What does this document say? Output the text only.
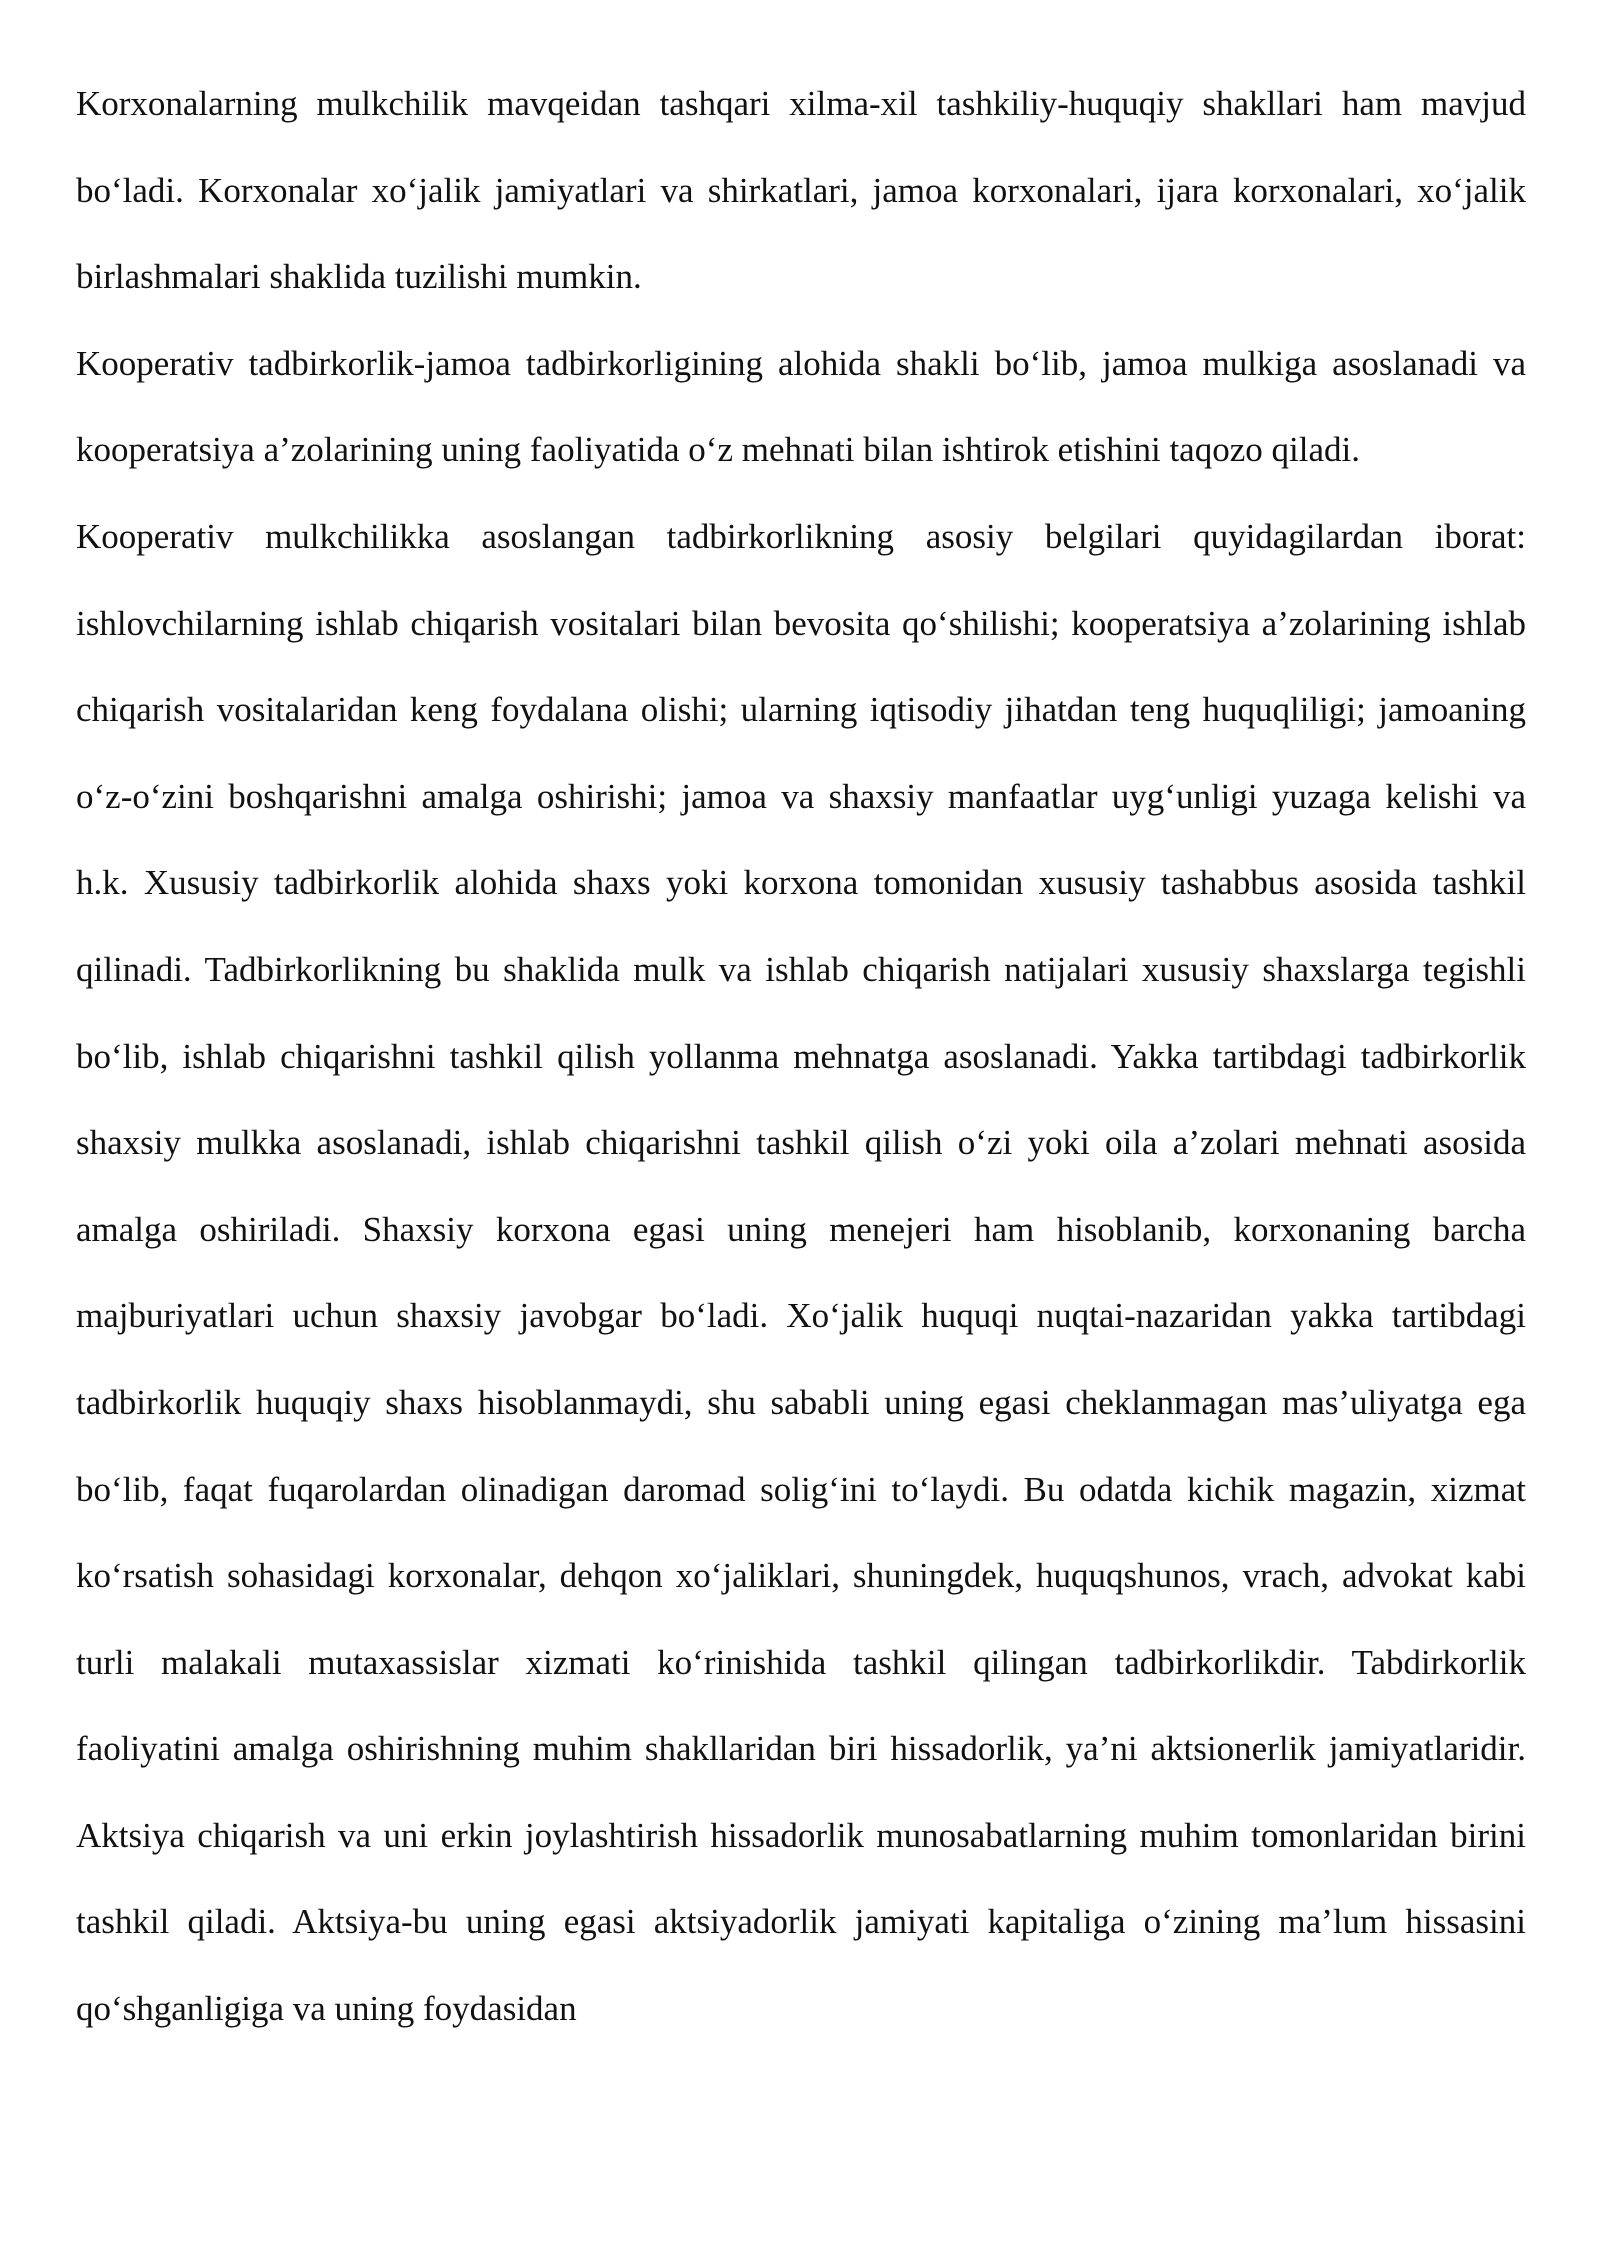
Korxonalarning mulkchilik mavqeidan tashqari xilma-xil tashkiliy-huquqiy shakllari ham mavjud bo‘ladi. Korxonalar xo‘jalik jamiyatlari va shirkatlari, jamoa korxonalari, ijara korxonalari, xo‘jalik birlashmalari shaklida tuzilishi mumkin.

Kooperativ tadbirkorlik-jamoa tadbirkorligining alohida shakli bo‘lib, jamoa mulkiga asoslanadi va kooperatsiya a’zolarining uning faoliyatida o‘z mehnati bilan ishtirok etishini taqozo qiladi.

Kooperativ mulkchilikka asoslangan tadbirkorlikning asosiy belgilari quyidagilardan iborat: ishlovchilarning ishlab chiqarish vositalari bilan bevosita qo‘shilishi; kooperatsiya a’zolarining ishlab chiqarish vositalaridan keng foydalana olishi; ularning iqtisodiy jihatdan teng huquqliligi; jamoaning o‘z-o‘zini boshqarishni amalga oshirishi; jamoa va shaxsiy manfaatlar uyg‘unligi yuzaga kelishi va h.k. Xususiy tadbirkorlik alohida shaxs yoki korxona tomonidan xususiy tashabbus asosida tashkil qilinadi. Tadbirkorlikning bu shaklida mulk va ishlab chiqarish natijalari xususiy shaxslarga tegishli bo‘lib, ishlab chiqarishni tashkil qilish yollanma mehnatga asoslanadi. Yakka tartibdagi tadbirkorlik shaxsiy mulkka asoslanadi, ishlab chiqarishni tashkil qilish o‘zi yoki oila a’zolari mehnati asosida amalga oshiriladi. Shaxsiy korxona egasi uning menejeri ham hisoblanib, korxonaning barcha majburiyatlari uchun shaxsiy javobgar bo‘ladi. Xo‘jalik huquqi nuqtai-nazaridan yakka tartibdagi tadbirkorlik huquqiy shaxs hisoblanmaydi, shu sababli uning egasi cheklanmagan mas’uliyatga ega bo‘lib, faqat fuqarolardan olinadigan daromad solig‘ini to‘laydi. Bu odatda kichik magazin, xizmat ko‘rsatish sohasidagi korxonalar, dehqon xo‘jaliklari, shuningdek, huquqshunos, vrach, advokat kabi turli malakali mutaxassislar xizmati ko‘rinishida tashkil qilingan tadbirkorlikdir. Tabdirkorlik faoliyatini amalga oshirishning muhim shakllaridan biri hissadorlik, ya’ni aktsionerlik jamiyatlaridir. Aktsiya chiqarish va uni erkin joylashtirish hissadorlik munosabatlarning muhim tomonlaridan birini tashkil qiladi. Aktsiya-bu uning egasi aktsiyadorlik jamiyati kapitaliga o‘zining ma’lum hissasini qo‘shganligiga va uning foydasidan
